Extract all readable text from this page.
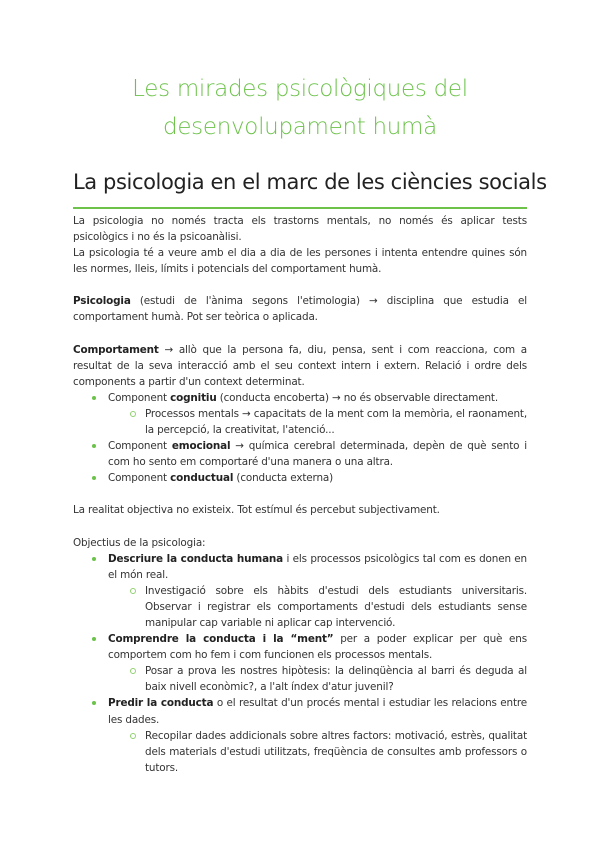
Les mirades psicològiques del
desenvolupament humà
La psicologia en el marc de les ciències socials

La psicologia no només tracta els trastorns mentals, no només és aplicar tests psicològics i no és la psicoanàlisi.

La psicologia té a veure amb el dia a dia de les persones i intenta entendre quines són les normes, lleis, límits i potencials del comportament humà.

Psicologia (estudi de l'ànima segons l'etimologia) → disciplina que estudia el comportament humà. Pot ser teòrica o aplicada.

Comportament → allò que la persona fa, diu, pensa, sent i com reacciona, com a resultat de la seva interacció amb el seu context intern i extern. Relació i ordre dels components a partir d'un context determinat.

Component cognitiu (conducta encoberta) → no és observable directament.
Processos mentals → capacitats de la ment com la memòria, el raonament, la percepció, la creativitat, l'atenció...
Component emocional → química cerebral determinada, depèn de què sento i com ho sento em comportaré d'una manera o una altra.
Component conductual (conducta externa)

La realitat objectiva no existeix. Tot estímul és percebut subjectivament.

Objectius de la psicologia:

Descriure la conducta humana i els processos psicològics tal com es donen en el món real.
Investigació sobre els hàbits d'estudi dels estudiants universitaris. Observar i registrar els comportaments d'estudi dels estudiants sense manipular cap variable ni aplicar cap intervenció.
Comprendre la conducta i la “ment” per a poder explicar per què ens comportem com ho fem i com funcionen els processos mentals.
Posar a prova les nostres hipòtesis: la delinqüència al barri és deguda al baix nivell econòmic?, a l'alt índex d'atur juvenil?
Predir la conducta o el resultat d'un procés mental i estudiar les relacions entre les dades.
Recopilar dades addicionals sobre altres factors: motivació, estrès, qualitat dels materials d'estudi utilitzats, freqüència de consultes amb professors o tutors.
